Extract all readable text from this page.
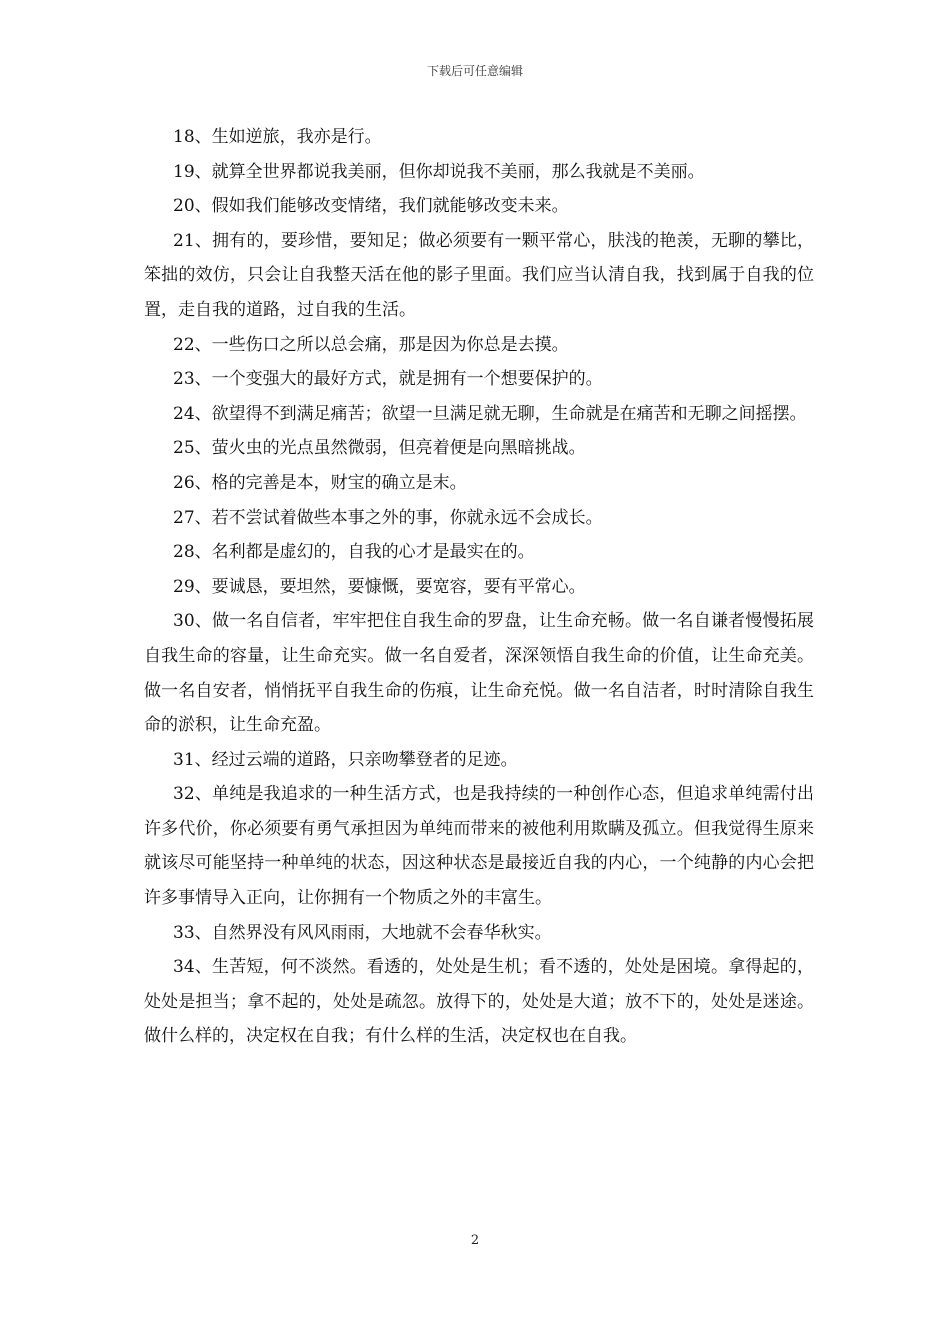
下载后可任意编辑

18、生如逆旅，我亦是行。

19、就算全世界都说我美丽，但你却说我不美丽，那么我就是不美丽。

20、假如我们能够改变情绪，我们就能够改变未来。

21、拥有的，要珍惜，要知足；做必须要有一颗平常心，肤浅的艳羡，无聊的攀比，笨拙的效仿，只会让自我整天活在他的影子里面。我们应当认清自我，找到属于自我的位置，走自我的道路，过自我的生活。

22、一些伤口之所以总会痛，那是因为你总是去摸。

23、一个变强大的最好方式，就是拥有一个想要保护的。

24、欲望得不到满足痛苦；欲望一旦满足就无聊，生命就是在痛苦和无聊之间摇摆。

25、萤火虫的光点虽然微弱，但亮着便是向黑暗挑战。

26、格的完善是本，财宝的确立是末。

27、若不尝试着做些本事之外的事，你就永远不会成长。

28、名利都是虚幻的，自我的心才是最实在的。

29、要诚恳，要坦然，要慷慨，要宽容，要有平常心。

30、做一名自信者，牢牢把住自我生命的罗盘，让生命充畅。做一名自谦者慢慢拓展自我生命的容量，让生命充实。做一名自爱者，深深领悟自我生命的价值，让生命充美。做一名自安者，悄悄抚平自我生命的伤痕，让生命充悦。做一名自洁者，时时清除自我生命的淤积，让生命充盈。

31、经过云端的道路，只亲吻攀登者的足迹。

32、单纯是我追求的一种生活方式，也是我持续的一种创作心态，但追求单纯需付出许多代价，你必须要有勇气承担因为单纯而带来的被他利用欺瞒及孤立。但我觉得生原来就该尽可能坚持一种单纯的状态，因这种状态是最接近自我的内心，一个纯静的内心会把许多事情导入正向，让你拥有一个物质之外的丰富生。

33、自然界没有风风雨雨，大地就不会春华秋实。

34、生苦短，何不淡然。看透的，处处是生机；看不透的，处处是困境。拿得起的，处处是担当；拿不起的，处处是疏忽。放得下的，处处是大道；放不下的，处处是迷途。做什么样的，决定权在自我；有什么样的生活，决定权也在自我。

2
